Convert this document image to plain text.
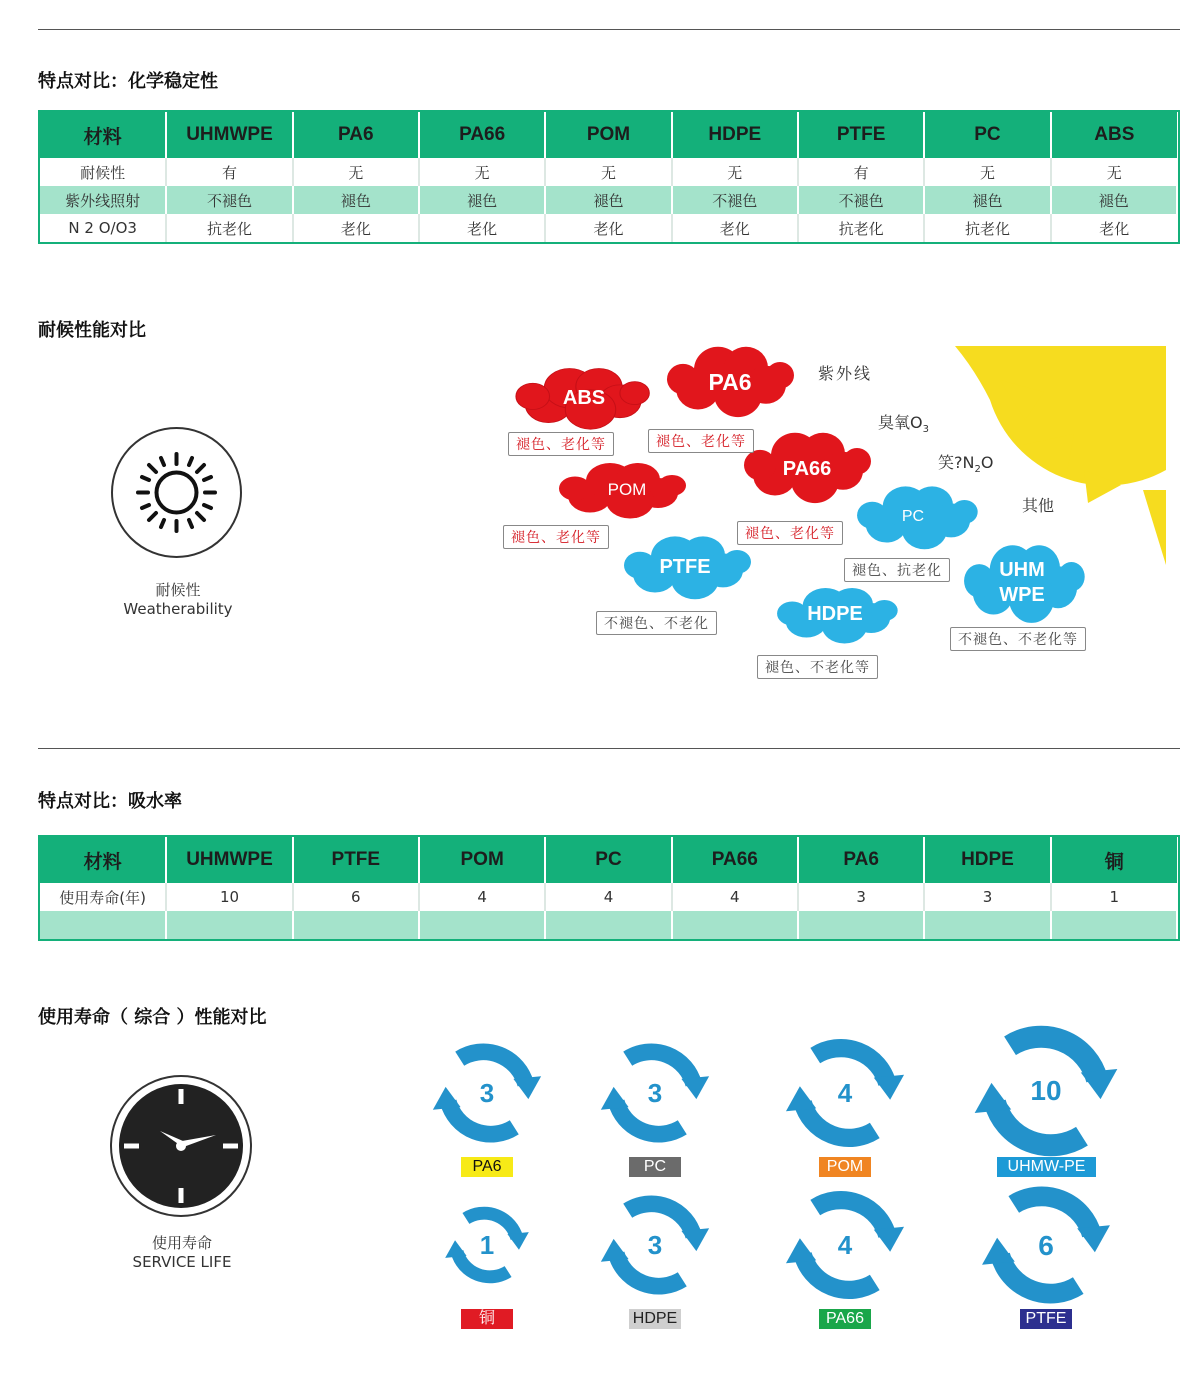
特点对比：化学稳定性
材料	UHMWPE	PA6	PA66	POM	HDPE	PTFE	PC	ABS
耐候性	有	无	无	无	无	有	无	无
紫外线照射	不褪色	褪色	褪色	褪色	不褪色	不褪色	褪色	褪色
N 2 O/O3	抗老化	老化	老化	老化	老化	抗老化	抗老化	老化
耐候性能对比
耐候性
Weatherability
紫外线
臭氧$O_3$
笑$?N_2O$
其他
ABS
PA6
POM
PA66
PC
PTFE
HDPE
UHM
WPE
褪色、老化等	褪色、老化等
褪色、老化等	褪色、老化等
褪色、抗老化
不褪色、不老化
褪色、不老化等
不褪色、不老化等
特点对比：吸水率
材料	UHMWPE	PTFE	POM	PC	PA66	PA6	HDPE	铜
使用寿命(年)	10	6	4	4	4	3	3	1

使用寿命（ 综合 ）性能对比
使用寿命
SERVICE LIFE
3	3	4	10
1	3	4	6
PA6	PC	POM	UHMW-PE
铜	HDPE	PA66	PTFE
